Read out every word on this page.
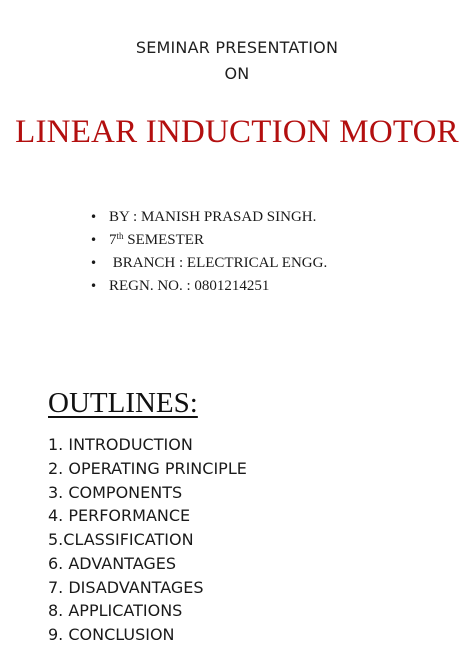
SEMINAR PRESENTATION
ON
LINEAR INDUCTION MOTOR
• BY : MANISH PRASAD SINGH.
• 7th SEMESTER
• BRANCH : ELECTRICAL ENGG.
• REGN. NO. : 0801214251
OUTLINES:
1. INTRODUCTION
2. OPERATING PRINCIPLE
3. COMPONENTS
4. PERFORMANCE
5.CLASSIFICATION
6. ADVANTAGES
7. DISADVANTAGES
8. APPLICATIONS
9. CONCLUSION
